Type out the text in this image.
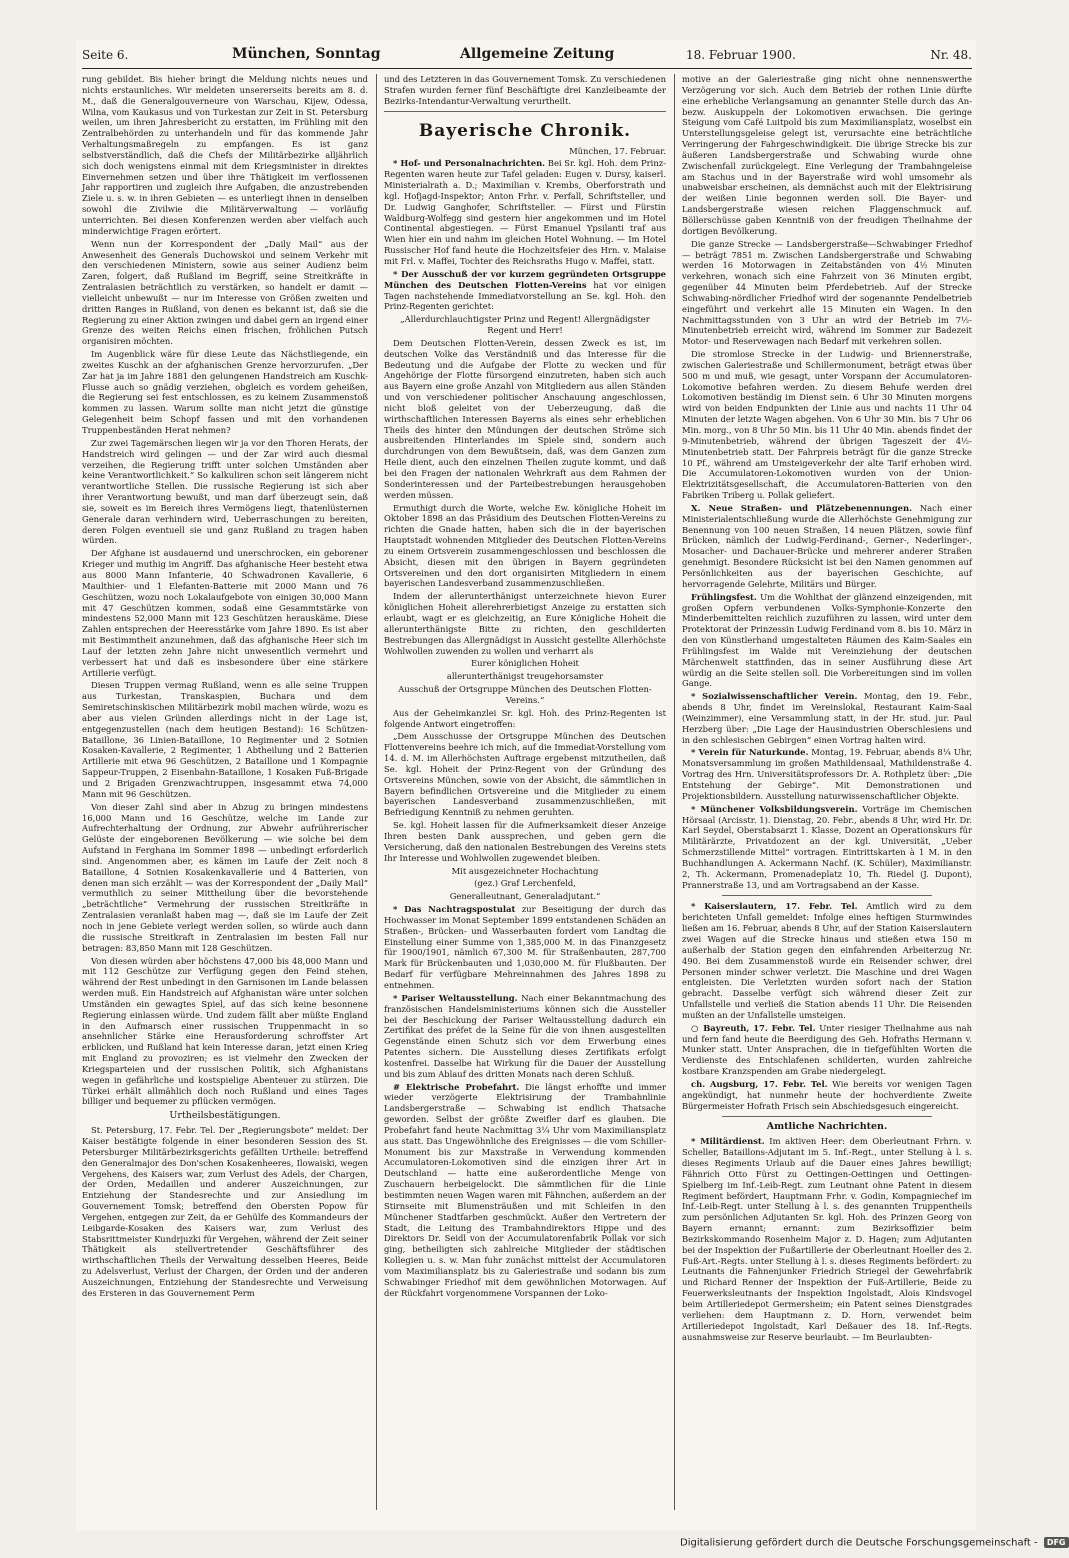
Seite 6.	München, Sonntag	Allgemeine Zeitung	18. Februar 1900.	Nr. 48.

rung gebildet. Bis hieher bringt die Meldung nichts neues und nichts erstaunliches. Wir meldeten unsererseits bereits am 8. d. M., daß die Generalgouverneure von Warschau, Kijew, Odessa, Wilna, vom Kaukasus und von Turkestan zur Zeit in St. Petersburg weilen, um ihren Jahresbericht zu erstatten, im Frühling mit den Zentralbehörden zu unterhandeln und für das kommende Jahr Verhaltungsmaßregeln zu empfangen. Es ist ganz selbstverständlich, daß die Chefs der Militärbezirke alljährlich sich doch wenigstens einmal mit dem Kriegsminister in direktes Einvernehmen setzen und über ihre Thätigkeit im verflossenen Jahr rapportiren und zugleich ihre Aufgaben, die anzustrebenden Ziele u. s. w. in ihren Gebieten — es unterliegt ihnen in denselben sowohl die Zivilwie die Militärverwaltung — vorläufig unterrichten. Bei diesen Konferenzen werden aber vielfach auch minderwichtige Fragen erörtert.

Wenn nun der Korrespondent der „Daily Mail“ aus der Anwesenheit des Generals Duchowskoi und seinem Verkehr mit den verschiedenen Ministern, sowie aus seiner Audienz beim Zaren, folgert, daß Rußland im Begriff, seine Streitkräfte in Zentralasien beträchtlich zu verstärken, so handelt er damit — vielleicht unbewußt — nur im Interesse von Größen zweiten und dritten Ranges in Rußland, von denen es bekannt ist, daß sie die Regierung zu einer Aktion zwingen und dabei gern an irgend einer Grenze des weiten Reichs einen frischen, fröhlichen Putsch organisiren möchten.

Im Augenblick wäre für diese Leute das Nächstliegende, ein zweites Kuschk an der afghanischen Grenze hervorzurufen. „Der Zar hat ja im Jahre 1881 den gelungenen Handstreich am Kuschk-Flusse auch so gnädig verziehen, obgleich es vordem geheißen, die Regierung sei fest entschlossen, es zu keinem Zusammenstoß kommen zu lassen. Warum sollte man nicht jetzt die günstige Gelegenheit beim Schopf fassen und mit den vorhandenen Truppenbeständen Herat nehmen?

Zur zwei Tagemärschen liegen wir ja vor den Thoren Herats, der Handstreich wird gelingen — und der Zar wird auch diesmal verzeihen, die Regierung trifft unter solchen Umständen aber keine Verantwortlichkeit.“ So kalkuliren schon seit längerem nicht verantwortliche Stellen. Die russische Regierung ist sich aber ihrer Verantwortung bewußt, und man darf überzeugt sein, daß sie, soweit es im Bereich ihres Vermögens liegt, thatenlüsternen Generale daran verhindern wird, Ueberraschungen zu bereiten, deren Folgen eventuell sie und ganz Rußland zu tragen haben würden.

Der Afghane ist ausdauernd und unerschrocken, ein geborener Krieger und muthig im Angriff. Das afghanische Heer besteht etwa aus 8000 Mann Infanterie, 40 Schwadronen Kavallerie, 6 Maulthier- und 1 Elefanten-Batterie mit 2000 Mann und 76 Geschützen, wozu noch Lokalaufgebote von einigen 30,000 Mann mit 47 Geschützen kommen, sodaß eine Gesammtstärke von mindestens 52,000 Mann mit 123 Geschützen herauskäme. Diese Zahlen entsprechen der Heeresstärke vom Jahre 1890. Es ist aber mit Bestimmtheit anzunehmen, daß das afghanische Heer sich im Lauf der letzten zehn Jahre nicht unwesentlich vermehrt und verbessert hat und daß es insbesondere über eine stärkere Artillerie verfügt.

Diesen Truppen vermag Rußland, wenn es alle seine Truppen aus Turkestan, Transkaspien, Buchara und dem Semiretschinskischen Militärbezirk mobil machen würde, wozu es aber aus vielen Gründen allerdings nicht in der Lage ist, entgegenzustellen (nach dem heutigen Bestand): 16 Schützen-Bataillone, 36 Linien-Bataillone, 10 Regimenter und 2 Sotnien Kosaken-Kavallerie, 2 Regimenter, 1 Abtheilung und 2 Batterien Artillerie mit etwa 96 Geschützen, 2 Bataillone und 1 Kompagnie Sappeur-Truppen, 2 Eisenbahn-Bataillone, 1 Kosaken Fuß-Brigade und 2 Brigaden Grenzwachtruppen, insgesammt etwa 74,000 Mann mit 96 Geschützen.

Von dieser Zahl sind aber in Abzug zu bringen mindestens 16,000 Mann und 16 Geschütze, welche im Lande zur Aufrechterhaltung der Ordnung, zur Abwehr aufrührerischer Gelüste der eingeborenen Bevölkerung — wie solche bei dem Aufstand in Ferghana im Sommer 1898 — unbedingt erforderlich sind. Angenommen aber, es kämen im Laufe der Zeit noch 8 Bataillone, 4 Sotnien Kosakenkavallerie und 4 Batterien, von denen man sich erzählt — was der Korrespondent der „Daily Mail“ vermuthlich zu seiner Mittheilung über die bevorstehende „beträchtliche“ Vermehrung der russischen Streitkräfte in Zentralasien veranlaßt haben mag —, daß sie im Laufe der Zeit noch in jene Gebiete verlegt werden sollen, so würde auch dann die russische Streitkraft in Zentralasien im besten Fall nur betragen: 83,850 Mann mit 128 Geschützen.

Von diesen würden aber höchstens 47,000 bis 48,000 Mann und mit 112 Geschütze zur Verfügung gegen den Feind stehen, während der Rest unbedingt in den Garnisonen im Lande belassen werden muß. Ein Handstreich auf Afghanistan wäre unter solchen Umständen ein gewagtes Spiel, auf das sich keine besonnene Regierung einlassen würde. Und zudem fällt aber müßte England in den Aufmarsch einer russischen Truppenmacht in so ansehnlicher Stärke eine Herausforderung schroffster Art erblicken, und Rußland hat kein Interesse daran, jetzt einen Krieg mit England zu provoziren; es ist vielmehr den Zwecken der Kriegsparteien und der russischen Politik, sich Afghanistans wegen in gefährliche und kostspielige Abenteuer zu stürzen. Die Türkei erhält allmählich doch noch Rußland und eines Tages billiger und bequemer zu pflücken vermögen.

Urtheilsbestätigungen.

St. Petersburg, 17. Febr. Tel. Der „Regierungsbote“ meldet: Der Kaiser bestätigte folgende in einer besonderen Session des St. Petersburger Militärbezirksgerichts gefällten Urtheile: betreffend den Generalmajor des Don'schen Kosakenheeres, Ilowaiski, wegen Vergehens, des Kaisers war, zum Verlust des Adels, der Chargen, der Orden, Medaillen und anderer Auszeichnungen, zur Entziehung der Standesrechte und zur Ansiedlung im Gouvernement Tomsk; betreffend den Obersten Popow für Vergehen, entgegen zur Zeit, da er Gehülfe des Kommandeurs der Leibgarde-Kosaken des Kaisers war, zum Verlust des Stabsrittmeister Kundrjuzki für Vergehen, während der Zeit seiner Thätigkeit als stellvertretender Geschäftsführer des wirthschaftlichen Theils der Verwaltung desselben Heeres, Beide zu Adelsverlust, Verlust der Chargen, der Orden und der anderen Auszeichnungen, Entziehung der Standesrechte und Verweisung des Ersteren in das Gouvernement Perm

und des Letzteren in das Gouvernement Tomsk. Zu verschiedenen Strafen wurden ferner fünf Beschäftigte drei Kanzleibeamte der Bezirks-Intendantur-Verwaltung verurtheilt.

Bayerische Chronik.
München, 17. Februar.

* Hof- und Personalnachrichten. Bei Sr. kgl. Hoh. dem Prinz-Regenten waren heute zur Tafel geladen: Eugen v. Dursy, kaiserl. Ministerialrath a. D.; Maximilian v. Krembs, Oberforstrath und kgl. Hofjagd-Inspektor; Anton Frhr. v. Perfall, Schriftsteller, und Dr. Ludwig Ganghofer, Schriftsteller. — Fürst und Fürstin Waldburg-Wolfegg sind gestern hier angekommen und im Hotel Continental abgestiegen. — Fürst Emanuel Ypsilanti traf aus Wien hier ein und nahm im gleichen Hotel Wohnung. — Im Hotel Russischer Hof fand heute die Hochzeitsfeier des Hrn. v. Malaise mit Frl. v. Maffei, Tochter des Reichsraths Hugo v. Maffei, statt.

* Der Ausschuß der vor kurzem gegründeten Ortsgruppe München des Deutschen Flotten-Vereins hat vor einigen Tagen nachstehende Immediatvorstellung an Se. kgl. Hoh. den Prinz-Regenten gerichtet:

„Allerdurchlauchtigster Prinz und Regent! Allergnädigster Regent und Herr!

Dem Deutschen Flotten-Verein, dessen Zweck es ist, im deutschen Volke das Verständniß und das Interesse für die Bedeutung und die Aufgabe der Flotte zu wecken und für Angehörige der Flotte fürsorgend einzutreten, haben sich auch aus Bayern eine große Anzahl von Mitgliedern aus allen Ständen und von verschiedener politischer Anschauung angeschlossen, nicht bloß geleitet von der Ueberzeugung, daß die wirthschaftlichen Interessen Bayerns als eines sehr erheblichen Theils des hinter den Mündungen der deutschen Ströme sich ausbreitenden Hinterlandes im Spiele sind, sondern auch durchdrungen von dem Bewußtsein, daß, was dem Ganzen zum Heile dient, auch den einzelnen Theilen zugute kommt, und daß bei den Fragen der nationalen Wehrkraft aus dem Rahmen der Sonderinteressen und der Parteibestrebungen herausgehoben werden müssen.

Ermuthigt durch die Worte, welche Ew. königliche Hoheit im Oktober 1898 an das Präsidium des Deutschen Flotten-Vereins zu richten die Gnade hatten, haben sich die in der bayerischen Hauptstadt wohnenden Mitglieder des Deutschen Flotten-Vereins zu einem Ortsverein zusammengeschlossen und beschlossen die Absicht, diesen mit den übrigen in Bayern gegründeten Ortsvereinen und den dort organisirten Mitgliedern in einem bayerischen Landesverband zusammenzuschließen.

Indem der allerunterthänigst unterzeichnete hievon Eurer königlichen Hoheit allerehrerbietigst Anzeige zu erstatten sich erlaubt, wagt er es gleichzeitig, an Eure Königliche Hoheit die allerunterthänigste Bitte zu richten, den geschilderten Bestrebungen das Allergnädigst in Aussicht gestellte Allerhöchste Wohlwollen zuwenden zu wollen und verharrt als

Eurer königlichen Hoheit

allerunterthänigst treugehorsamster

Ausschuß der Ortsgruppe München des Deutschen Flotten-Vereins.“

Aus der Geheimkanzlei Sr. kgl. Hoh. des Prinz-Regenten ist folgende Antwort eingetroffen:

„Dem Ausschusse der Ortsgruppe München des Deutschen Flottenvereins beehre ich mich, auf die Immediat-Vorstellung vom 14. d. M. im Allerhöchsten Auftrage ergebenst mitzutheilen, daß Se. kgl. Hoheit der Prinz-Regent von der Gründung des Ortsvereins München, sowie von der Absicht, die sämmtlichen in Bayern befindlichen Ortsvereine und die Mitglieder zu einem bayerischen Landesverband zusammenzuschließen, mit Befriedigung Kenntniß zu nehmen geruhten.

Se. kgl. Hoheit lassen für die Aufmerksamkeit dieser Anzeige Ihren besten Dank aussprechen, und geben gern die Versicherung, daß den nationalen Bestrebungen des Vereins stets Ihr Interesse und Wohlwollen zugewendet bleiben.

Mit ausgezeichneter Hochachtung

(gez.) Graf Lerchenfeld,

Generalleutnant, Generaladjutant.“

* Das Nachtragspostulat zur Beseitigung der durch das Hochwasser im Monat September 1899 entstandenen Schäden an Straßen-, Brücken- und Wasserbauten fordert vom Landtag die Einstellung einer Summe von 1,385,000 M. in das Finanzgesetz für 1900/1901, nämlich 67,300 M. für Straßenbauten, 287,700 Mark für Brückenbauten und 1,030,000 M. für Flußbauten. Der Bedarf für verfügbare Mehreinnahmen des Jahres 1898 zu entnehmen.

* Pariser Weltausstellung. Nach einer Bekanntmachung des französischen Handelsministeriums können sich die Aussteller bei der Beschickung der Pariser Weltausstellung dadurch ein Zertifikat des préfet de la Seine für die von ihnen ausgestellten Gegenstände einen Schutz sich vor dem Erwerbung eines Patentes sichern. Die Ausstellung dieses Zertifikats erfolgt kostenfrei. Dasselbe hat Wirkung für die Dauer der Ausstellung und bis zum Ablauf des dritten Monats nach deren Schluß.

# Elektrische Probefahrt. Die längst erhoffte und immer wieder verzögerte Elektrisirung der Trambahnlinie Landsbergerstraße — Schwabing ist endlich Thatsache geworden. Selbst der größte Zweifler darf es glauben. Die Probefahrt fand heute Nachmittag 3¼ Uhr vom Maximiliansplatz aus statt. Das Ungewöhnliche des Ereignisses — die vom Schiller-Monument bis zur Maxstraße in Verwendung kommenden Accumulatoren-Lokomotiven sind die einzigen ihrer Art in Deutschland — hatte eine außerordentliche Menge von Zuschauern herbeigelockt. Die sämmtlichen für die Linie bestimmten neuen Wagen waren mit Fähnchen, außerdem an der Stirnseite mit Blumensträußen und mit Schleifen in den Münchener Stadtfarben geschmückt. Außer den Vertretern der Stadt, die Leitung des Trambahndirektors Hippe und des Direktors Dr. Seidl von der Accumulatorenfabrik Pollak vor sich ging, betheiligten sich zahlreiche Mitglieder der städtischen Kollegien u. s. w. Man fuhr zunächst mittelst der Accumulatoren vom Maximiliansplatz bis zu Galeriestraße und sodann bis zum Schwabinger Friedhof mit dem gewöhnlichen Motorwagen. Auf der Rückfahrt vorgenommene Vorspannen der Loko-

motive an der Galeriestraße ging nicht ohne nennenswerthe Verzögerung vor sich. Auch dem Betrieb der rothen Linie dürfte eine erhebliche Verlangsamung an genannter Stelle durch das An- bezw. Auskuppeln der Lokomotiven erwachsen. Die geringe Steigung vom Café Luitpold bis zum Maximiliansplatz, woselbst ein Unterstellungsgeleise gelegt ist, verursachte eine beträchtliche Verringerung der Fahrgeschwindigkeit. Die übrige Strecke bis zur äußeren Landsbergerstraße und Schwabing wurde ohne Zwischenfall zurückgelegt. Eine Verlegung der Trambahngeleise am Stachus und in der Bayerstraße wird wohl umsomehr als unabweisbar erscheinen, als demnächst auch mit der Elektrisirung der weißen Linie begonnen werden soll. Die Bayer- und Landsbergerstraße wiesen reichen Flaggenschmuck auf. Böllerschüsse gaben Kenntniß von der freudigen Theilnahme der dortigen Bevölkerung.

Die ganze Strecke — Landsbergerstraße—Schwabinger Friedhof — beträgt 7851 m. Zwischen Landsbergerstraße und Schwabing werden 16 Motorwagen in Zeitabständen von 4½ Minuten verkehren, wonach sich eine Fahrzeit von 36 Minuten ergibt, gegenüber 44 Minuten beim Pferdebetrieb. Auf der Strecke Schwabing-nördlicher Friedhof wird der sogenannte Pendelbetrieb eingeführt und verkehrt alle 15 Minuten ein Wagen. In den Nachmittagsstunden von 3 Uhr an wird der Betrieb im 7½-Minutenbetrieb erreicht wird, während im Sommer zur Badezeit Motor- und Reservewagen nach Bedarf mit verkehren sollen.

Die stromlose Strecke in der Ludwig- und Briennerstraße, zwischen Galeriestraße und Schillermonument, beträgt etwas über 500 m und muß, wie gesagt, unter Vorspann der Accumulatoren-Lokomotive befahren werden. Zu diesem Behufe werden drei Lokomotiven beständig im Dienst sein. 6 Uhr 30 Minuten morgens wird von beiden Endpunkten der Linie aus und nachts 11 Uhr 04 Minuten der letzte Wagen abgehen. Von 6 Uhr 30 Min. bis 7 Uhr 06 Min. morg., von 8 Uhr 50 Min. bis 11 Uhr 40 Min. abends findet der 9-Minutenbetrieb, während der übrigen Tageszeit der 4½-Minutenbetrieb statt. Der Fahrpreis beträgt für die ganze Strecke 10 Pf., während am Umsteigeverkehr der alte Tarif erhoben wird. Die Accumulatoren-Lokomotiven wurden von der Union-Elektrizitätsgesellschaft, die Accumulatoren-Batterien von den Fabriken Triberg u. Pollak geliefert.

X. Neue Straßen- und Plätzebenennungen. Nach einer Ministerialentschließung wurde die Allerhöchste Genehmigung zur Benennung von 100 neuen Straßen, 14 neuen Plätzen, sowie fünf Brücken, nämlich der Ludwig-Ferdinand-, Gerner-, Nederlinger-, Mosacher- und Dachauer-Brücke und mehrerer anderer Straßen genehmigt. Besondere Rücksicht ist bei den Namen genommen auf Persönlichkeiten aus der bayerischen Geschichte, auf hervorragende Gelehrte, Militärs und Bürger.

Frühlingsfest. Um die Wohlthat der glänzend einzeigenden, mit großen Opfern verbundenen Volks-Symphonie-Konzerte den Minderbemittelten reichlich zuzuführen zu lassen, wird unter dem Protektorat der Prinzessin Ludwig Ferdinand vom 8. bis 10. März in den von Künstlerhand umgestalteten Räumen des Kaim-Saales ein Frühlingsfest im Walde mit Vereinziehung der deutschen Märchenwelt stattfinden, das in seiner Ausführung diese Art würdig an die Seite stellen soll. Die Vorbereitungen sind im vollen Gange.

* Sozialwissenschaftlicher Verein. Montag, den 19. Febr., abends 8 Uhr, findet im Vereinslokal, Restaurant Kaim-Saal (Weinzimmer), eine Versammlung statt, in der Hr. stud. jur. Paul Herzberg über: „Die Lage der Hausindustrien Oberschlesiens und in den schlesischen Gebirgen“ einen Vortrag halten wird.

* Verein für Naturkunde. Montag, 19. Februar, abends 8¼ Uhr, Monatsversammlung im großen Mathildensaal, Mathildenstraße 4. Vortrag des Hrn. Universitätsprofessors Dr. A. Rothpletz über: „Die Entstehung der Gebirge“. Mit Demonstrationen und Projektionsbildern. Ausstellung naturwissenschaftlicher Objekte.

* Münchener Volksbildungsverein. Vorträge im Chemischen Hörsaal (Arcisstr. 1). Dienstag, 20. Febr., abends 8 Uhr, wird Hr. Dr. Karl Seydel, Oberstabsarzt 1. Klasse, Dozent an Operationskurs für Militärärzte, Privatdozent an der kgl. Universität, „Ueber Schmerzstillende Mittel“ vortragen. Eintrittskarten à 1 M. in den Buchhandlungen A. Ackermann Nachf. (K. Schüler), Maximilianstr. 2, Th. Ackermann, Promenadeplatz 10, Th. Riedel (J. Dupont), Prannerstraße 13, und am Vortragsabend an der Kasse.

* Kaiserslautern, 17. Febr. Tel. Amtlich wird zu dem berichteten Unfall gemeldet: Infolge eines heftigen Sturmwindes ließen am 16. Februar, abends 8 Uhr, auf der Station Kaiserslautern zwei Wagen auf die Strecke hinaus und stießen etwa 150 m außerhalb der Station gegen den einfahrenden Arbeiterzug Nr. 490. Bei dem Zusammenstoß wurde ein Reisender schwer, drei Personen minder schwer verletzt. Die Maschine und drei Wagen entgleisten. Die Verletzten wurden sofort nach der Station gebracht. Dasselbe verfügt sich während dieser Zeit zur Unfallstelle und verließ die Station abends 11 Uhr. Die Reisenden mußten an der Unfallstelle umsteigen.

○ Bayreuth, 17. Febr. Tel. Unter riesiger Theilnahme aus nah und fern fand heute die Beerdigung des Geh. Hofraths Hermann v. Munker statt. Unter Ansprachen, die in tiefgefühlten Worten die Verdienste des Entschlafenen schilderten, wurden zahlreiche kostbare Kranzspenden am Grabe niedergelegt.

ch. Augsburg, 17. Febr. Tel. Wie bereits vor wenigen Tagen angekündigt, hat nunmehr heute der hochverdiente Zweite Bürgermeister Hofrath Frisch sein Abschiedsgesuch eingereicht.

Amtliche Nachrichten.

* Militärdienst. Im aktiven Heer: dem Oberleutnant Frhrn. v. Scheller, Bataillons-Adjutant im 5. Inf.-Regt., unter Stellung à l. s. dieses Regiments Urlaub auf die Dauer eines Jahres bewilligt; Fähnrich Otto Fürst zu Oettingen-Oettingen und Oettingen-Spielberg im Inf.-Leib-Regt. zum Leutnant ohne Patent in diesem Regiment befördert, Hauptmann Frhr. v. Godin, Kompagniechef im Inf.-Leib-Regt. unter Stellung à l. s. des genannten Truppentheils zum persönlichen Adjutanten Sr. kgl. Hoh. des Prinzen Georg von Bayern ernannt; ernannt: zum Bezirksoffizier beim Bezirkskommando Rosenheim Major z. D. Hagen; zum Adjutanten bei der Inspektion der Fußartillerie der Oberleutnant Hoeller des 2. Fuß-Art.-Regts. unter Stellung à l. s. dieses Regiments befördert: zu Leutnants die Fahnenjunker Friedrich Striegel der Gewehrfabrik und Richard Renner der Inspektion der Fuß-Artillerie, Beide zu Feuerwerksleutnants der Inspektion Ingolstadt, Alois Kindsvogel beim Artilleriedepot Germersheim; ein Patent seines Dienstgrades verliehen: dem Hauptmann z. D. Horn, verwendet beim Artilleriedepot Ingolstadt, Karl Deßauer des 18. Inf.-Regts. ausnahmsweise zur Reserve beurlaubt. — Im Beurlaubten-

Digitalisierung gefördert durch die Deutsche Forschungsgemeinschaft - DFG
